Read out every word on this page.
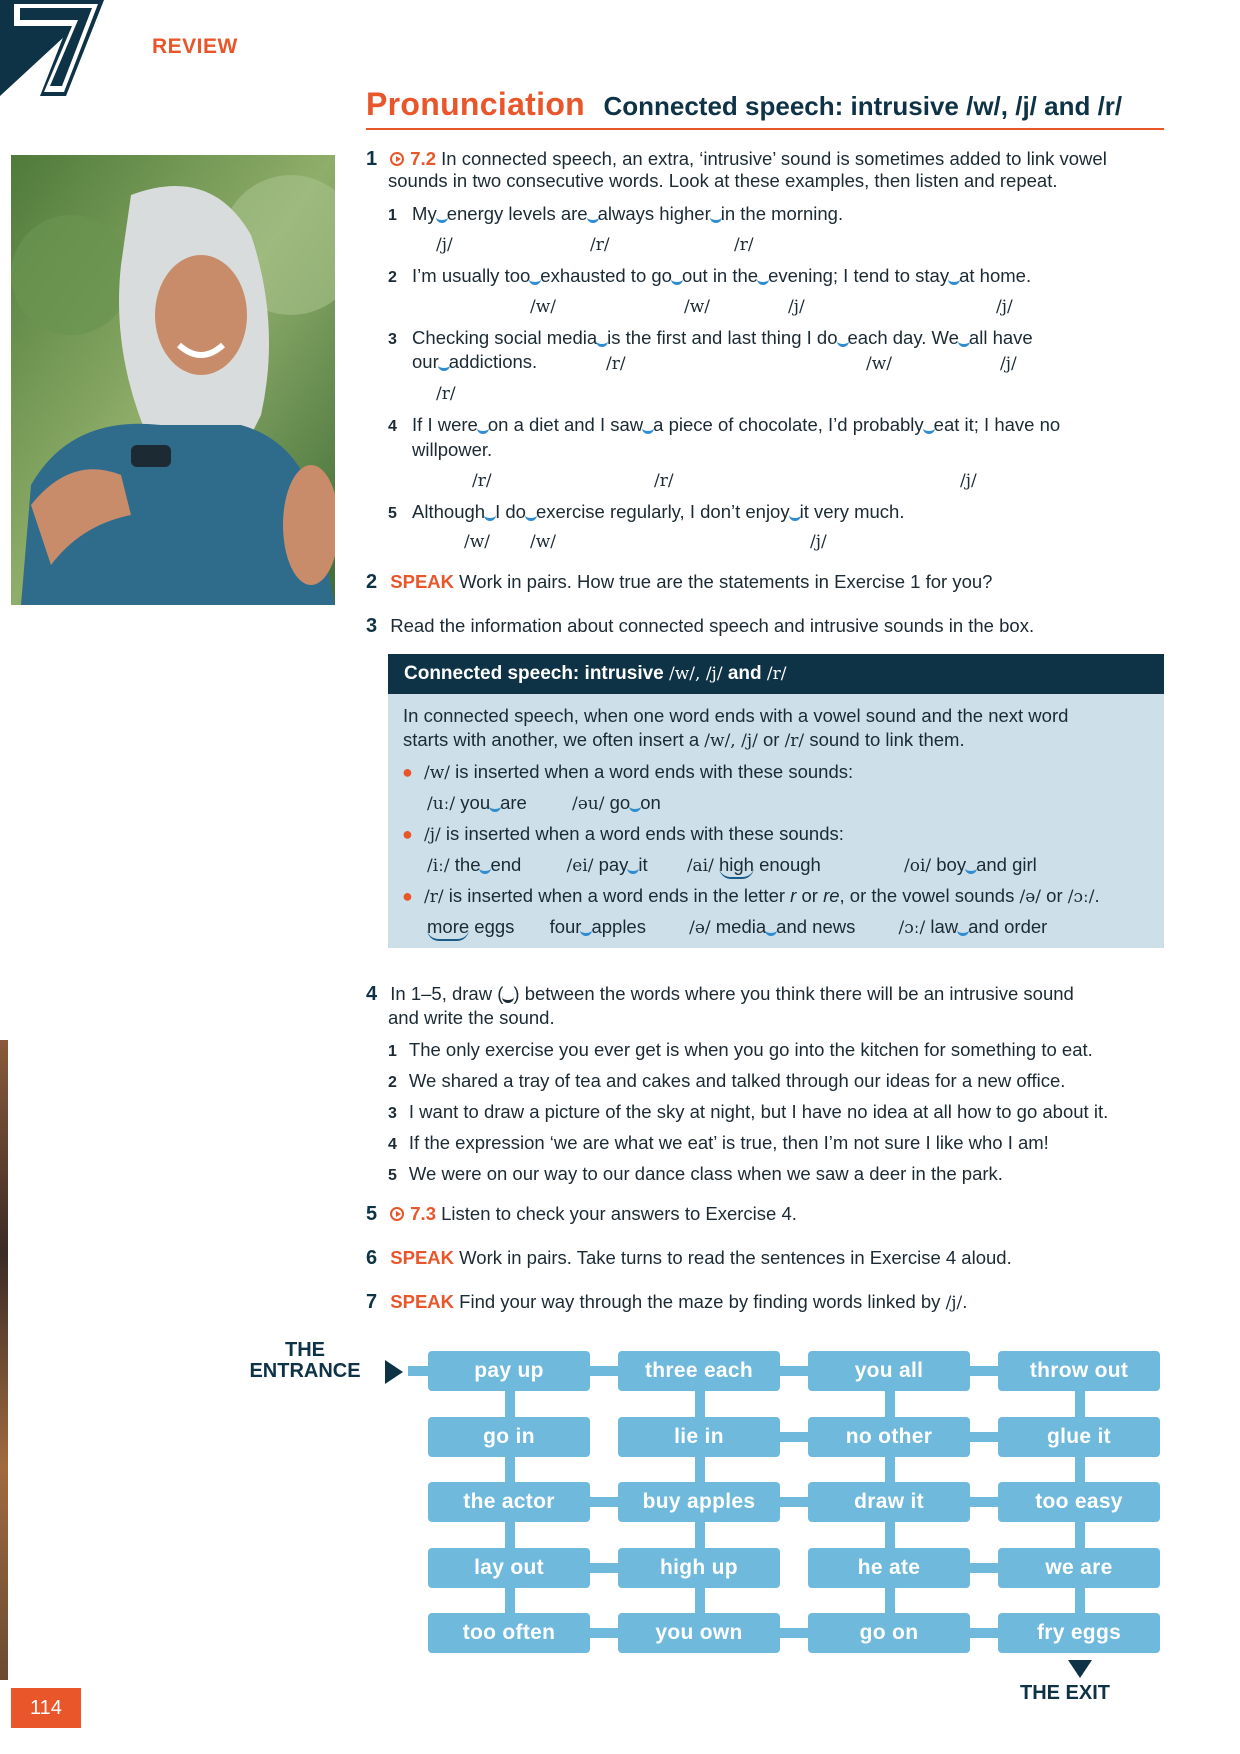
REVIEW
Pronunciation Connected speech: intrusive /w/, /j/ and /r/
1 7.2 In connected speech, an extra, ‘intrusive’ sound is sometimes added to link vowel
sounds in two consecutive words. Look at these examples, then listen and repeat.
1 My energy levels are always higher in the morning.
/j/	/r/	/r/
2 I’m usually too exhausted to go out in the evening; I tend to stay at home.
/w/	/w/	/j/	/j/
3 Checking social media is the first and last thing I do each day. We all have
our addictions.	/r/	/w/	/j/
/r/
4 If I were on a diet and I saw a piece of chocolate, I’d probably eat it; I have no
willpower.
/r/	/r/	/j/
5 Although I do exercise regularly, I don’t enjoy it very much.
/w/ /w/	/j/
2 SPEAK Work in pairs. How true are the statements in Exercise 1 for you?
3 Read the information about connected speech and intrusive sounds in the box.
Connected speech: intrusive /w/, /j/ and /r/
In connected speech, when one word ends with a vowel sound and the next word
starts with another, we often insert a /w/, /j/ or /r/ sound to link them.
● /w/ is inserted when a word ends with these sounds:
/uː/ you are	/əu/ go on
● /j/ is inserted when a word ends with these sounds:
/iː/ the end	/ei/ pay it /ai/ high enough	/oi/ boy and girl
● /r/ is inserted when a word ends in the letter r or re, or the vowel sounds /ə/ or /ɔː/.
more eggs four apples	/ə/ media and news	/ɔː/ law and order
4 In 1–5, draw ( ) between the words where you think there will be an intrusive sound
and write the sound.
1 The only exercise you ever get is when you go into the kitchen for something to eat.
2 We shared a tray of tea and cakes and talked through our ideas for a new office.
3 I want to draw a picture of the sky at night, but I have no idea at all how to go about it.
4 If the expression ‘we are what we eat’ is true, then I’m not sure I like who I am!
5 We were on our way to our dance class when we saw a deer in the park.
5 7.3 Listen to check your answers to Exercise 4.
6 SPEAK Work in pairs. Take turns to read the sentences in Exercise 4 aloud.
7 SPEAK Find your way through the maze by finding words linked by /j/.
THE
ENTRANCE	pay up	three each	you all	throw out
go in	lie in	no other	glue it
the actor	buy apples	draw it	too easy
lay out	high up	he ate	we are
too often	you own	go on	fry eggs
THE EXIT
114
